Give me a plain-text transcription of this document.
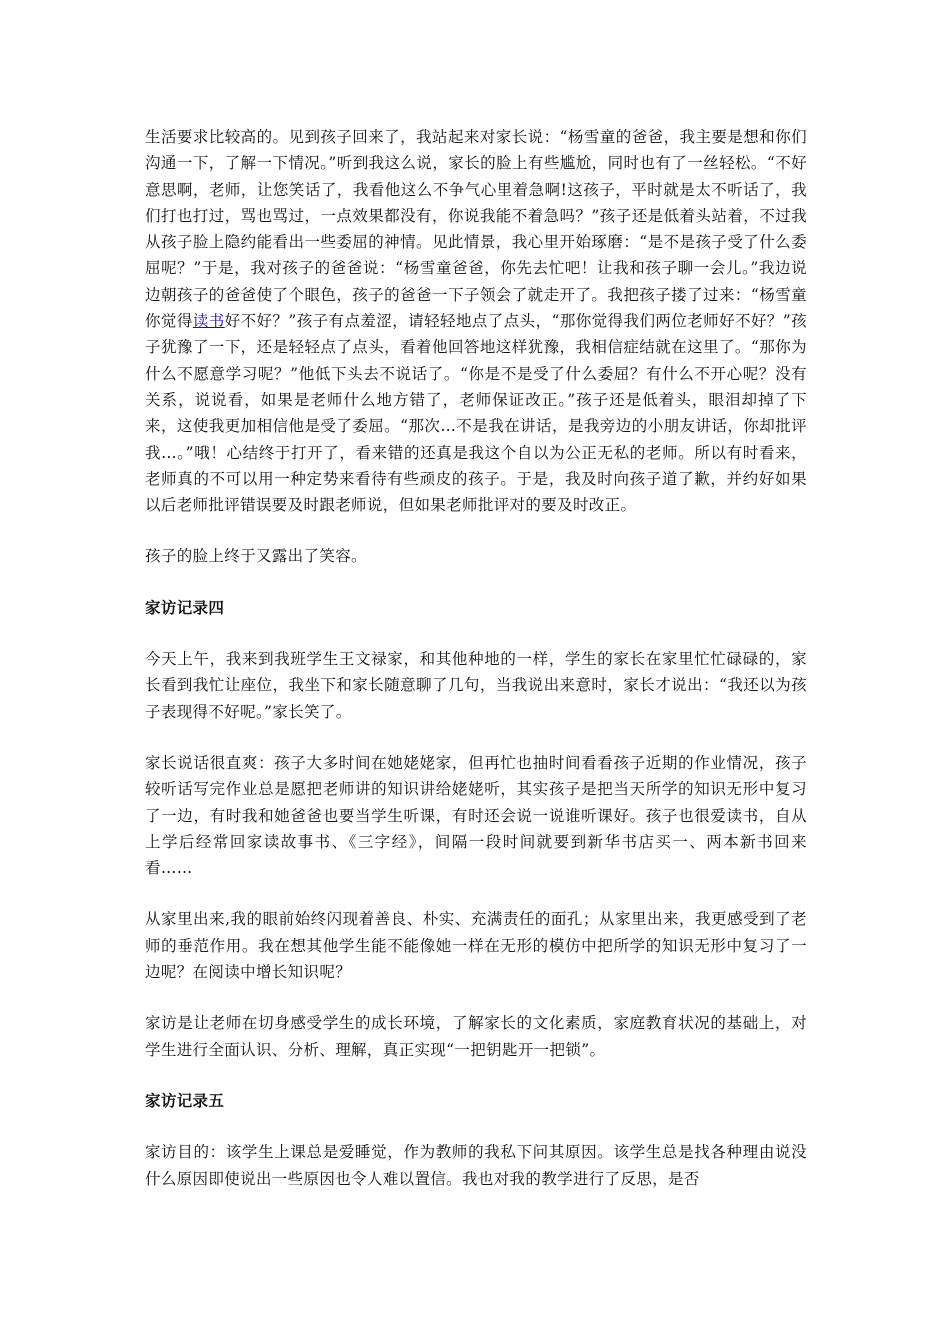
生活要求比较高的。见到孩子回来了，我站起来对家长说：“杨雪童的爸爸，我主要是想和你们沟通一下，了解一下情况。”听到我这么说，家长的脸上有些尴尬，同时也有了一丝轻松。“不好意思啊，老师，让您笑话了，我看他这么不争气心里着急啊!这孩子，平时就是太不听话了，我们打也打过，骂也骂过，一点效果都没有，你说我能不着急吗？”孩子还是低着头站着，不过我从孩子脸上隐约能看出一些委屈的神情。见此情景，我心里开始琢磨：“是不是孩子受了什么委屈呢？”于是，我对孩子的爸爸说：“杨雪童爸爸，你先去忙吧！让我和孩子聊一会儿。”我边说边朝孩子的爸爸使了个眼色，孩子的爸爸一下子领会了就走开了。我把孩子搂了过来：“杨雪童你觉得读书好不好？”孩子有点羞涩，请轻轻地点了点头，“那你觉得我们两位老师好不好？”孩子犹豫了一下，还是轻轻点了点头，看着他回答地这样犹豫，我相信症结就在这里了。“那你为什么不愿意学习呢？”他低下头去不说话了。“你是不是受了什么委屈？有什么不开心呢？没有关系，说说看，如果是老师什么地方错了，老师保证改正。”孩子还是低着头，眼泪却掉了下来，这使我更加相信他是受了委屈。“那次…不是我在讲话，是我旁边的小朋友讲话，你却批评我…。”哦！心结终于打开了，看来错的还真是我这个自以为公正无私的老师。所以有时看来，老师真的不可以用一种定势来看待有些顽皮的孩子。于是，我及时向孩子道了歉，并约好如果以后老师批评错误要及时跟老师说，但如果老师批评对的要及时改正。

孩子的脸上终于又露出了笑容。

家访记录四

今天上午，我来到我班学生王文禄家，和其他种地的一样，学生的家长在家里忙忙碌碌的，家长看到我忙让座位，我坐下和家长随意聊了几句，当我说出来意时，家长才说出：“我还以为孩子表现得不好呢。”家长笑了。

家长说话很直爽：孩子大多时间在她姥姥家，但再忙也抽时间看看孩子近期的作业情况，孩子较听话写完作业总是愿把老师讲的知识讲给姥姥听，其实孩子是把当天所学的知识无形中复习了一边，有时我和她爸爸也要当学生听课，有时还会说一说谁听课好。孩子也很爱读书，自从上学后经常回家读故事书、《三字经》，间隔一段时间就要到新华书店买一、两本新书回来看……

从家里出来,我的眼前始终闪现着善良、朴实、充满责任的面孔；从家里出来，我更感受到了老师的垂范作用。我在想其他学生能不能像她一样在无形的模仿中把所学的知识无形中复习了一边呢？在阅读中增长知识呢？

家访是让老师在切身感受学生的成长环境，了解家长的文化素质，家庭教育状况的基础上，对学生进行全面认识、分析、理解，真正实现“一把钥匙开一把锁”。

家访记录五

家访目的：该学生上课总是爱睡觉，作为教师的我私下问其原因。该学生总是找各种理由说没什么原因即使说出一些原因也令人难以置信。我也对我的教学进行了反思，是否
